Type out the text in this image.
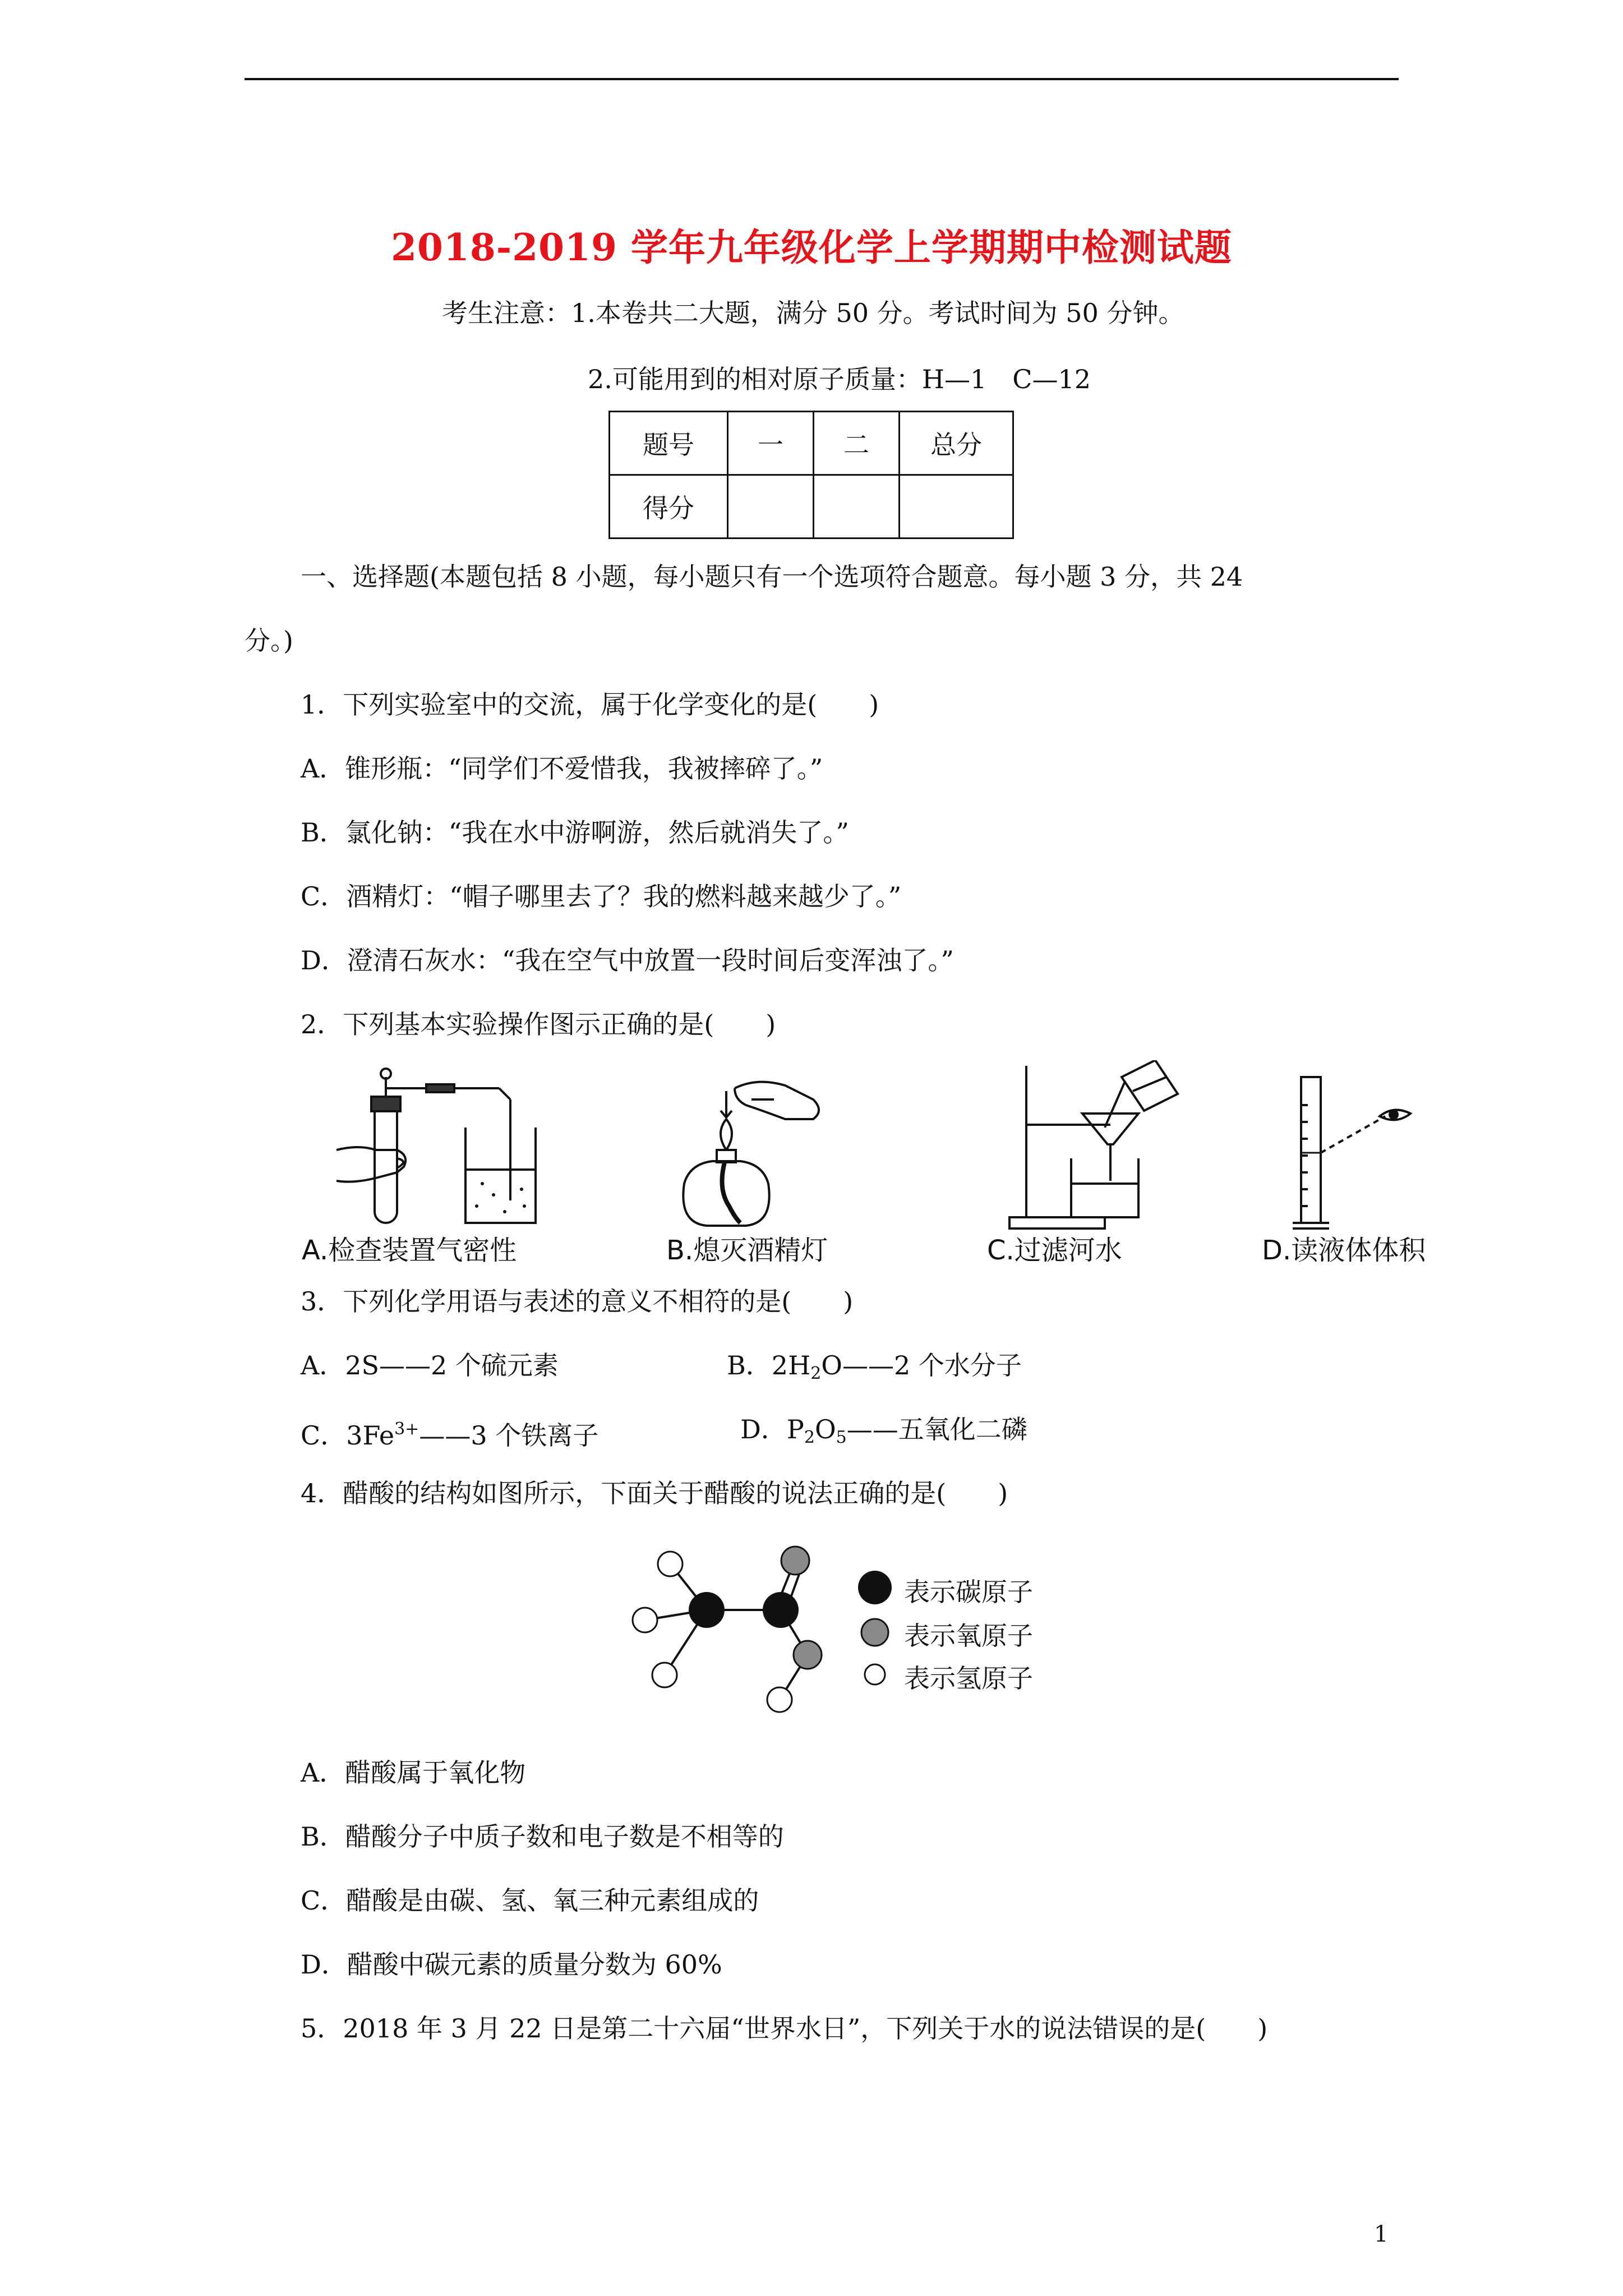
2018-2019 学年九年级化学上学期期中检测试题
考生注意：1.本卷共二大题，满分 50 分。考试时间为 50 分钟。
2.可能用到的相对原子质量：H—1　C—12
题号	一	二	总分
得分			
一、选择题(本题包括 8 小题，每小题只有一个选项符合题意。每小题 3 分，共 24
分。)
1．下列实验室中的交流，属于化学变化的是(　　)
A．锥形瓶：“同学们不爱惜我，我被摔碎了。”
B．氯化钠：“我在水中游啊游，然后就消失了。”
C．酒精灯：“帽子哪里去了？我的燃料越来越少了。”
D．澄清石灰水：“我在空气中放置一段时间后变浑浊了。”
2．下列基本实验操作图示正确的是(　　)
A.检查装置气密性	B.熄灭酒精灯	C.过滤河水	D.读液体体积
3．下列化学用语与表述的意义不相符的是(　　)
A．2S——2 个硫元素	B．$2H_2O——2$ 个水分子
C．$3Fe^{3+}——3$ 个铁离子	D．$P_2O_5——$五氧化二磷
4．醋酸的结构如图所示，下面关于醋酸的说法正确的是(　　)
表示碳原子
表示氧原子
表示氢原子
A．醋酸属于氧化物
B．醋酸分子中质子数和电子数是不相等的
C．醋酸是由碳、氢、氧三种元素组成的
D．醋酸中碳元素的质量分数为 60%
5．2018 年 3 月 22 日是第二十六届“世界水日”，下列关于水的说法错误的是(　　)
1
